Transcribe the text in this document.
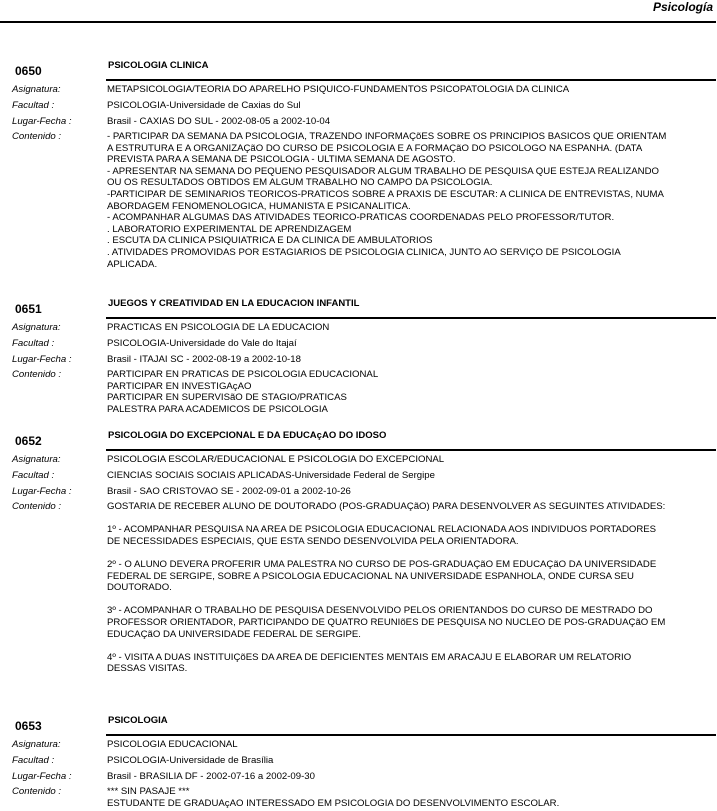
Psicología
0650	PSICOLOGIA CLINICA
Asignatura:	METAPSICOLOGIA/TEORIA DO APARELHO PSIQUICO-FUNDAMENTOS PSICOPATOLOGIA DA CLINICA
Facultad :	PSICOLOGIA-Universidade de Caxias do Sul
Lugar-Fecha :	Brasil - CAXIAS DO SUL - 2002-08-05 a 2002-10-04
Contenido :	- PARTICIPAR DA SEMANA DA PSICOLOGIA, TRAZENDO INFORMAÇõES SOBRE OS PRINCIPIOS BASICOS QUE ORIENTAM

A ESTRUTURA E A ORGANIZAÇãO DO CURSO DE PSICOLOGIA E A FORMAÇãO DO PSICOLOGO NA ESPANHA. (DATA

PREVISTA PARA A SEMANA DE PSICOLOGIA - ULTIMA SEMANA DE AGOSTO.

- APRESENTAR NA SEMANA DO PEQUENO PESQUISADOR ALGUM TRABALHO DE PESQUISA QUE ESTEJA REALIZANDO

OU OS RESULTADOS OBTIDOS EM ALGUM TRABALHO NO CAMPO DA PSICOLOGIA.

-PARTICIPAR DE SEMINARIOS TEORICOS-PRATICOS SOBRE A PRAXIS DE ESCUTAR: A CLINICA DE ENTREVISTAS, NUMA

ABORDAGEM FENOMENOLOGICA, HUMANISTA E PSICANALITICA.

- ACOMPANHAR ALGUMAS DAS ATIVIDADES TEORICO-PRATICAS COORDENADAS PELO PROFESSOR/TUTOR.

. LABORATORIO EXPERIMENTAL DE APRENDIZAGEM

. ESCUTA DA CLINICA PSIQUIATRICA E DA CLINICA DE AMBULATORIOS

. ATIVIDADES PROMOVIDAS POR ESTAGIARIOS DE PSICOLOGIA CLINICA, JUNTO AO SERVIÇO DE PSICOLOGIA

APLICADA.

0651	JUEGOS Y CREATIVIDAD EN LA EDUCACION INFANTIL
Asignatura:	PRACTICAS EN PSICOLOGIA DE LA EDUCACION
Facultad :	PSICOLOGIA-Universidade do Vale do Itajaí
Lugar-Fecha :	Brasil - ITAJAI SC - 2002-08-19 a 2002-10-18
Contenido :	PARTICIPAR EN PRATICAS DE PSICOLOGIA EDUCACIONAL

PARTICIPAR EN INVESTIGAçAO

PARTICIPAR EN SUPERVISãO DE STAGIO/PRATICAS

PALESTRA PARA ACADEMICOS DE PSICOLOGIA

0652	PSICOLOGIA DO EXCEPCIONAL E DA EDUCAçAO DO IDOSO
Asignatura:	PSICOLOGIA ESCOLAR/EDUCACIONAL E PSICOLOGIA DO EXCEPCIONAL
Facultad :	CIENCIAS SOCIAIS SOCIAIS APLICADAS-Universidade Federal de Sergipe
Lugar-Fecha :	Brasil - SAO CRISTOVAO SE - 2002-09-01 a 2002-10-26
Contenido :	GOSTARIA DE RECEBER ALUNO DE DOUTORADO (POS-GRADUAÇãO) PARA DESENVOLVER AS SEGUINTES ATIVIDADES:

1º - ACOMPANHAR PESQUISA NA AREA DE PSICOLOGIA EDUCACIONAL RELACIONADA AOS INDIVIDUOS PORTADORES

DE NECESSIDADES ESPECIAIS, QUE ESTA SENDO DESENVOLVIDA PELA ORIENTADORA.

2º - O ALUNO DEVERA PROFERIR UMA PALESTRA NO CURSO DE POS-GRADUAÇãO EM EDUCAÇãO DA UNIVERSIDADE

FEDERAL DE SERGIPE, SOBRE A PSICOLOGIA EDUCACIONAL NA UNIVERSIDADE ESPANHOLA, ONDE CURSA SEU

DOUTORADO.

3º - ACOMPANHAR O TRABALHO DE PESQUISA DESENVOLVIDO PELOS ORIENTANDOS DO CURSO DE MESTRADO DO

PROFESSOR ORIENTADOR, PARTICIPANDO DE QUATRO REUNIõES DE PESQUISA NO NUCLEO DE POS-GRADUAÇãO EM

EDUCAÇãO DA UNIVERSIDADE FEDERAL DE SERGIPE.

4º - VISITA A DUAS INSTITUIÇõES DA AREA DE DEFICIENTES MENTAIS EM ARACAJU E ELABORAR UM RELATORIO

DESSAS VISITAS.

0653	PSICOLOGIA
Asignatura:	PSICOLOGIA EDUCACIONAL
Facultad :	PSICOLOGIA-Universidade de Brasília
Lugar-Fecha :	Brasil - BRASILIA DF - 2002-07-16 a 2002-09-30
Contenido :	*** SIN PASAJE ***

ESTUDANTE DE GRADUAçAO INTERESSADO EM PSICOLOGIA DO DESENVOLVIMENTO ESCOLAR.
